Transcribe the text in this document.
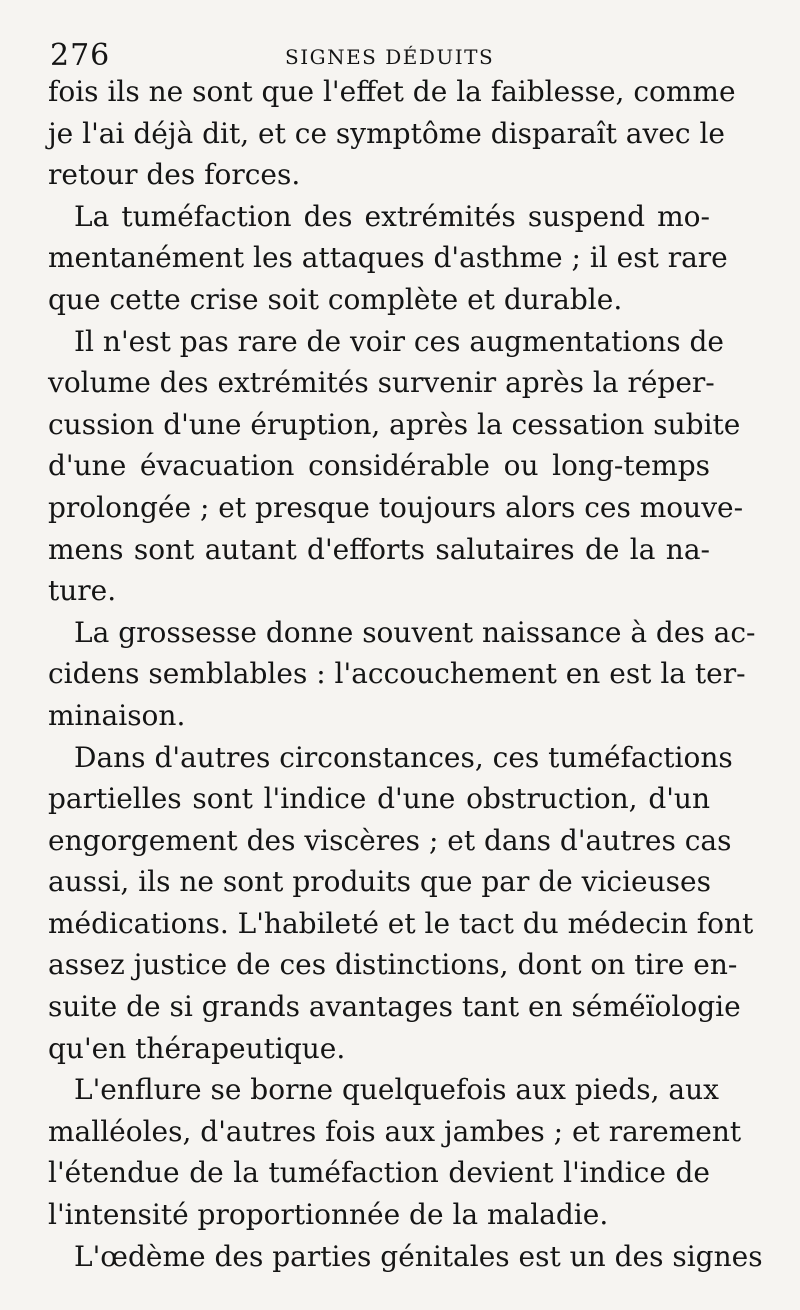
276	SIGNES DÉDUITS

fois ils ne sont que l'effet de la faiblesse, comme
je l'ai déjà dit, et ce symptôme disparaît avec le
retour des forces.

La tuméfaction des extrémités suspend mo-
mentanément les attaques d'asthme ; il est rare
que cette crise soit complète et durable.

Il n'est pas rare de voir ces augmentations de
volume des extrémités survenir après la réper-
cussion d'une éruption, après la cessation subite
d'une évacuation considérable ou long-temps
prolongée ; et presque toujours alors ces mouve-
mens sont autant d'efforts salutaires de la na-
ture.

La grossesse donne souvent naissance à des ac-
cidens semblables : l'accouchement en est la ter-
minaison.

Dans d'autres circonstances, ces tuméfactions
partielles sont l'indice d'une obstruction, d'un
engorgement des viscères ; et dans d'autres cas
aussi, ils ne sont produits que par de vicieuses
médications. L'habileté et le tact du médecin font
assez justice de ces distinctions, dont on tire en-
suite de si grands avantages tant en séméïologie
qu'en thérapeutique.

L'enflure se borne quelquefois aux pieds, aux
malléoles, d'autres fois aux jambes ; et rarement
l'étendue de la tuméfaction devient l'indice de
l'intensité proportionnée de la maladie.

L'œdème des parties génitales est un des signes
